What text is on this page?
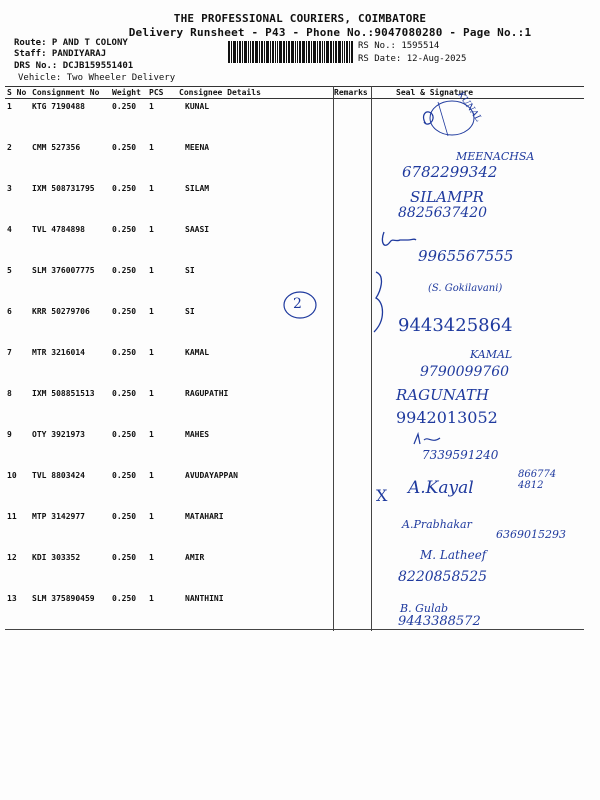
THE PROFESSIONAL COURIERS, COIMBATORE
Delivery Runsheet - P43 - Phone No.:9047080280 - Page No.:1
Route: P AND T COLONY
Staff: PANDIYARAJ
DRS No.: DCJB159551401
Vehicle: Two Wheeler Delivery
RS No.: 1595514
RS Date: 12-Aug-2025
S No	Consignment No	Weight	PCS	Consignee Details	Remarks	Seal & Signature
1	KTG 7190488	0.250	1	KUNAL		
2	CMM 527356	0.250	1	MEENA		
3	IXM 508731795	0.250	1	SILAM		
4	TVL 4784898	0.250	1	SAASI		
5	SLM 376007775	0.250	1	SI		
6	KRR 50279706	0.250	1	SI		
7	MTR 3216014	0.250	1	KAMAL		
8	IXM 508851513	0.250	1	RAGUPATHI		
9	OTY 3921973	0.250	1	MAHES		
10	TVL 8803424	0.250	1	AVUDAYAPPAN		
11	MTP 3142977	0.250	1	MATAHARI		
12	KDI 303352	0.250	1	AMIR		
13	SLM 375890459	0.250	1	NANTHINI		
KUNAL
MEENACHSA
6782299342
SILAMPR
8825637420
9965567555
(S. Gokilavani)
9443425864
2
KAMAL
9790099760
RAGUNATH
9942013052
7339591240
X A.Kayal
8667744812
A.Prabhakar
6369015293
M. Latheef
8220858525
B. Gulab
9443388572
